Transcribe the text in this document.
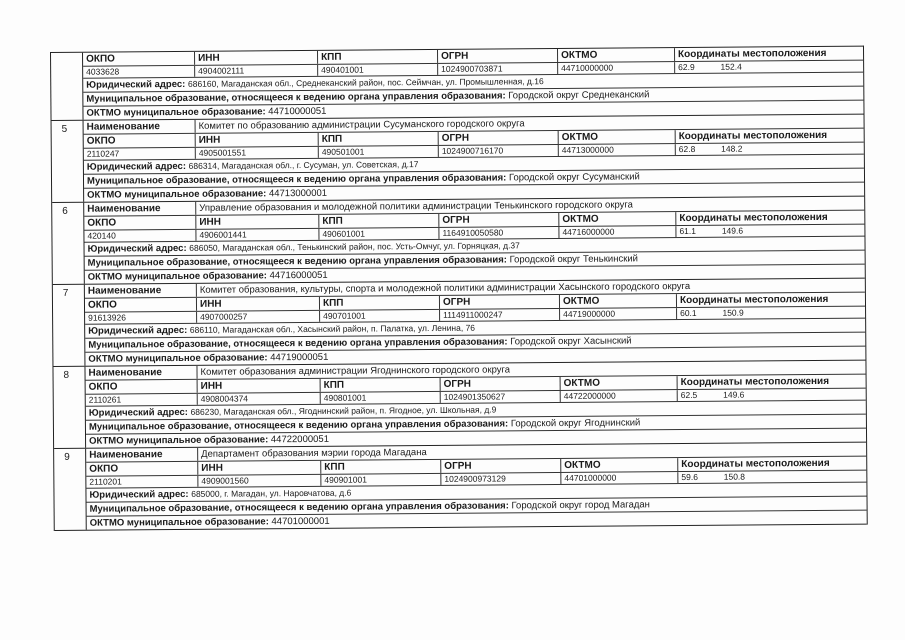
ОКПО	ИНН	КПП	ОГРН	ОКТМО	Координаты местоположения
4033628	4904002111	490401001	1024900703871	44710000000	62.9	152.4
Юридический адрес: 686160, Магаданская обл., Среднеканский район, пос. Сеймчан, ул. Промышленная, д.16
Муниципальное образование, относящееся к ведению органа управления образования: Городской округ Среднеканский
ОКТМО муниципальное образование: 44710000051
5	Наименование	Комитет по образованию администрации Сусуманского городского округа
ОКПО	ИНН	КПП	ОГРН	ОКТМО	Координаты местоположения
2110247	4905001551	490501001	1024900716170	44713000000	62.8	148.2
Юридический адрес: 686314, Магаданская обл., г. Сусуман, ул. Советская, д.17
Муниципальное образование, относящееся к ведению органа управления образования: Городской округ Сусуманский
ОКТМО муниципальное образование: 44713000001
6	Наименование	Управление образования и молодежной политики администрации Тенькинского городского округа
ОКПО	ИНН	КПП	ОГРН	ОКТМО	Координаты местоположения
420140	4906001441	490601001	1164910050580	44716000000	61.1	149.6
Юридический адрес: 686050, Магаданская обл., Тенькинский район, пос. Усть-Омчуг, ул. Горняцкая, д.37
Муниципальное образование, относящееся к ведению органа управления образования: Городской округ Тенькинский
ОКТМО муниципальное образование: 44716000051
7	Наименование	Комитет образования, культуры, спорта и молодежной политики администрации Хасынского городского округа
ОКПО	ИНН	КПП	ОГРН	ОКТМО	Координаты местоположения
91613926	4907000257	490701001	1114911000247	44719000000	60.1	150.9
Юридический адрес: 686110, Магаданская обл., Хасынский район, п. Палатка, ул. Ленина, 76
Муниципальное образование, относящееся к ведению органа управления образования: Городской округ Хасынский
ОКТМО муниципальное образование: 44719000051
8	Наименование	Комитет образования администрации Ягоднинского городского округа
ОКПО	ИНН	КПП	ОГРН	ОКТМО	Координаты местоположения
2110261	4908004374	490801001	1024901350627	44722000000	62.5	149.6
Юридический адрес: 686230, Магаданская обл., Ягоднинский район, п. Ягодное, ул. Школьная, д.9
Муниципальное образование, относящееся к ведению органа управления образования: Городской округ Ягоднинский
ОКТМО муниципальное образование: 44722000051
9	Наименование	Департамент образования мэрии города Магадана
ОКПО	ИНН	КПП	ОГРН	ОКТМО	Координаты местоположения
2110201	4909001560	490901001	1024900973129	44701000000	59.6	150.8
Юридический адрес: 685000, г. Магадан, ул. Наровчатова, д.6
Муниципальное образование, относящееся к ведению органа управления образования: Городской округ город Магадан
ОКТМО муниципальное образование: 44701000001
